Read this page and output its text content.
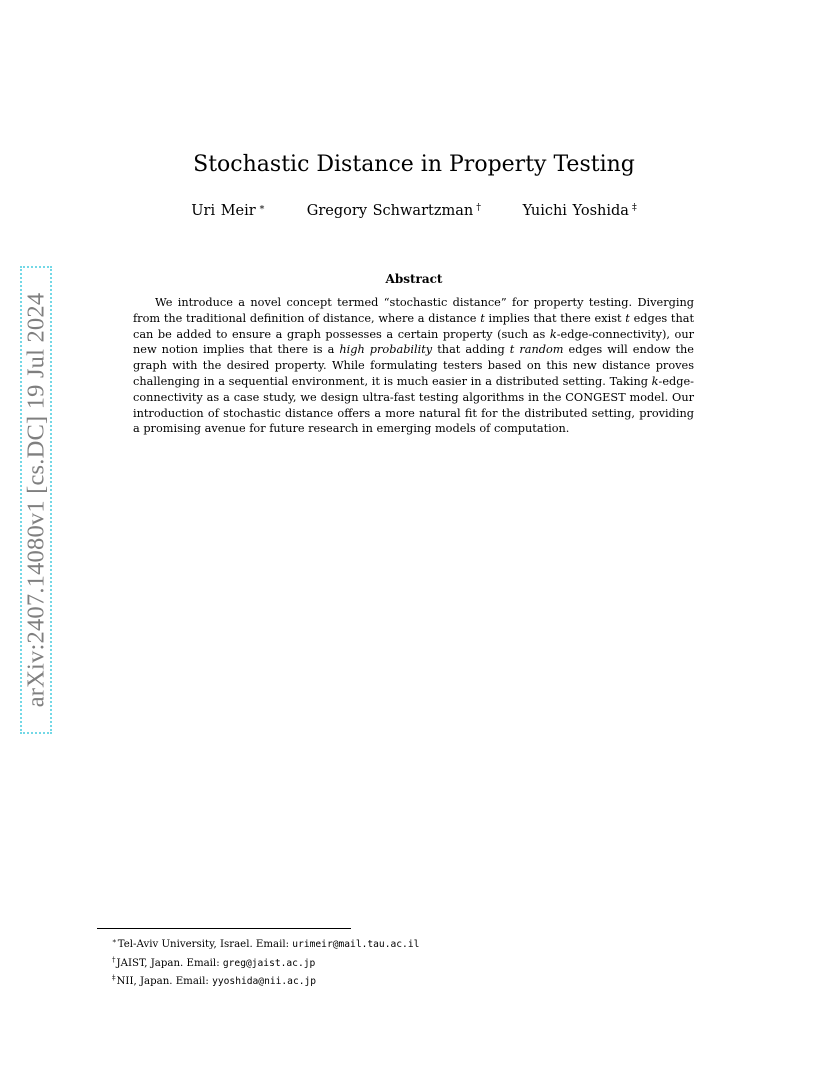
arXiv:2407.14080v1 [cs.DC] 19 Jul 2024
Stochastic Distance in Property Testing
Uri Meir ∗	Gregory Schwartzman †	Yuichi Yoshida ‡
Abstract

We introduce a novel concept termed “stochastic distance” for property testing. Diverging from the traditional definition of distance, where a distance t implies that there exist t edges that can be added to ensure a graph possesses a certain property (such as k-edge-connectivity), our new notion implies that there is a high probability that adding t random edges will endow the graph with the desired property. While formulating testers based on this new distance proves challenging in a sequential environment, it is much easier in a distributed setting. Taking k-edge-connectivity as a case study, we design ultra-fast testing algorithms in the CONGEST model. Our introduction of stochastic distance offers a more natural fit for the distributed setting, providing a promising avenue for future research in emerging models of computation.

∗Tel-Aviv University, Israel. Email: urimeir@mail.tau.ac.il
†JAIST, Japan. Email: greg@jaist.ac.jp
‡NII, Japan. Email: yyoshida@nii.ac.jp
